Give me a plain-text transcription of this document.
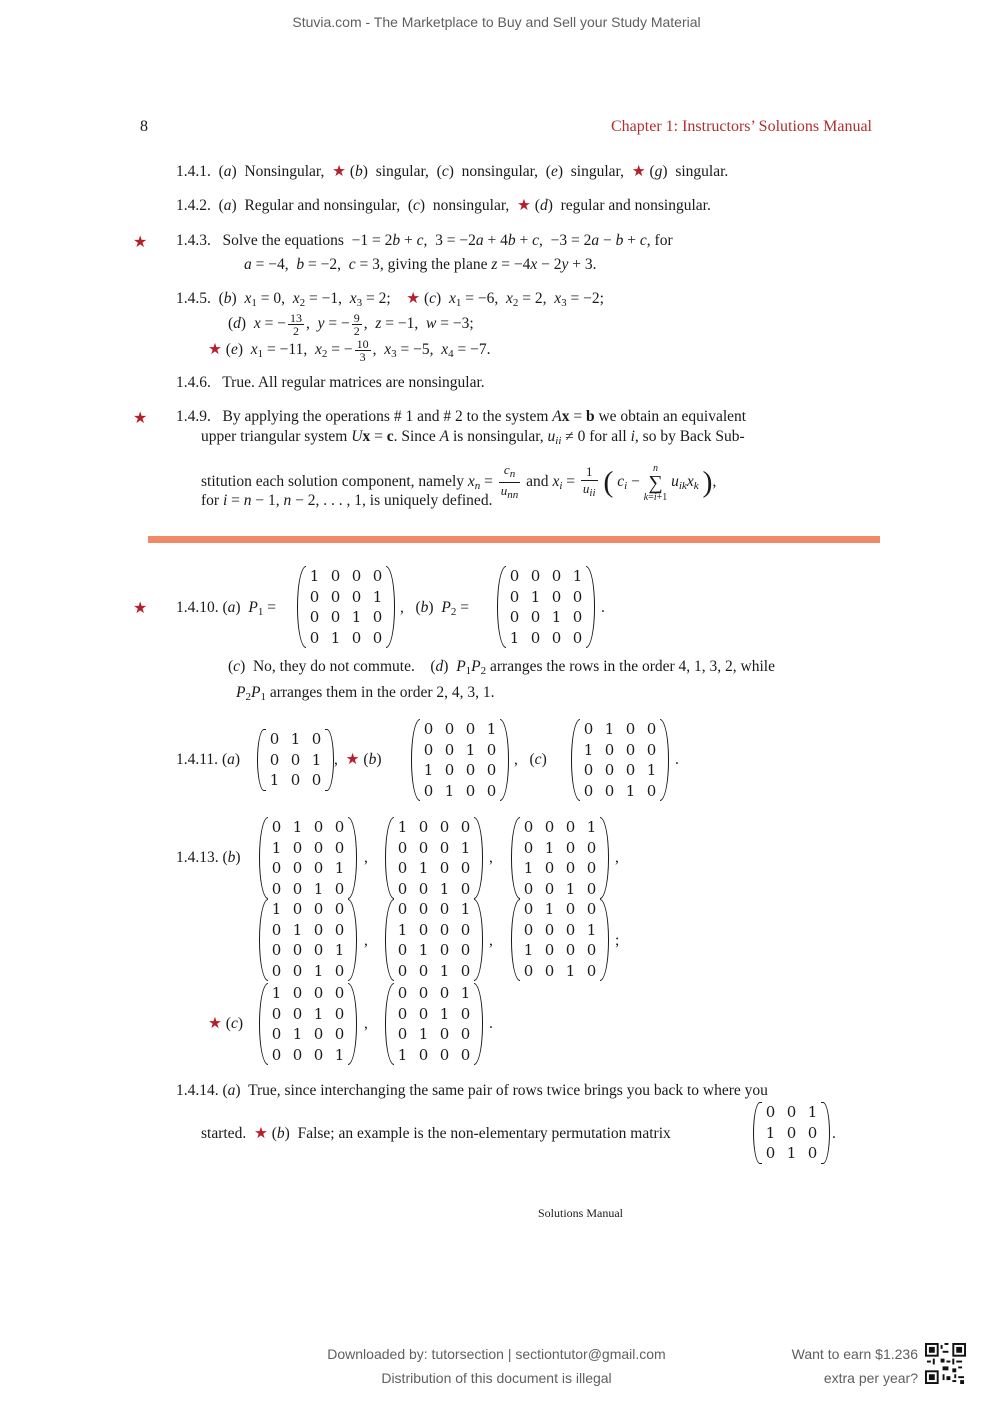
Stuvia.com - The Marketplace to Buy and Sell your Study Material
8	Chapter 1: Instructors’ Solutions Manual
1.4.1.  (a)  Nonsingular,  ★ (b)  singular,  (c)  nonsingular,  (e)  singular,  ★ (g)  singular.
1.4.2.  (a)  Regular and nonsingular,  (c)  nonsingular,  ★ (d)  regular and nonsingular.
★ 1.4.3.   Solve the equations  −1 = 2b + c,  3 = −2a + 4b + c,  −3 = 2a − b + c, for
a = −4,  b = −2,  c = 3, giving the plane z = −4x − 2y + 3.
1.4.5.  (b)  x1 = 0,  x2 = −1,  x3 = 2;    ★ (c)  x1 = −6,  x2 = 2,  x3 = −2;
(d)  x = − $\frac{13}{2}$ ,  y = − $\frac{9}{2}$ ,  z = −1,  w = −3;
★ (e)  x1 = −11,  x2 = − $\frac{10}{3}$ ,  x3 = −5,  x4 = −7.
1.4.6. True. All regular matrices are nonsingular.
★ 1.4.9.   By applying the operations # 1 and # 2 to the system Ax = b we obtain an equivalent
upper triangular system Ux = c. Since A is nonsingular, uii ≠ 0 for all i, so by Back Sub-
stitution each solution component, namely xn = $\frac{c_n}{u_{nn}}$ and xi = $\frac{1}{u_{ii}}$ ( ci −
n
∑
k=i+1
uikxk ),
for i = n − 1, n − 2, . . . , 1, is uniquely defined.
★ 1.4.10. (a)  P1 =
1	0	0	0
0	0	0	1
0	0	1	0
0	1	0	0
,   (b)  P2 =
0	0	0	1
0	1	0	0
0	0	1	0
1	0	0	0
.
(c)  No, they do not commute.    (d)  P1P2 arranges the rows in the order 4, 1, 3, 2, while
P2P1 arranges them in the order 2, 4, 3, 1.
1.4.11. (a)
0	1	0
0	0	1
1	0	0
,  ★ (b)
0	0	0	1
0	0	1	0
1	0	0	0
0	1	0	0
,   (c)
0	1	0	0
1	0	0	0
0	0	0	1
0	0	1	0
.
1.4.13. (b)
0	1	0	0
1	0	0	0
0	0	0	1
0	0	1	0
,
1	0	0	0
0	0	0	1
0	1	0	0
0	0	1	0
,
0	0	0	1
0	1	0	0
1	0	0	0
0	0	1	0
,
1	0	0	0
0	1	0	0
0	0	0	1
0	0	1	0
,
0	0	0	1
1	0	0	0
0	1	0	0
0	0	1	0
,
0	1	0	0
0	0	0	1
1	0	0	0
0	0	1	0
;
★ (c)
1	0	0	0
0	0	1	0
0	1	0	0
0	0	0	1
,
0	0	0	1
0	0	1	0
0	1	0	0
1	0	0	0
.
1.4.14. (a)  True, since interchanging the same pair of rows twice brings you back to where you
started. ★ (b)  False; an example is the non-elementary permutation matrix
0	0	1
1	0	0
0	1	0
.
Solutions Manual
Downloaded by: tutorsection | sectiontutor@gmail.com
Distribution of this document is illegal
Want to earn $1.236
extra per year?
